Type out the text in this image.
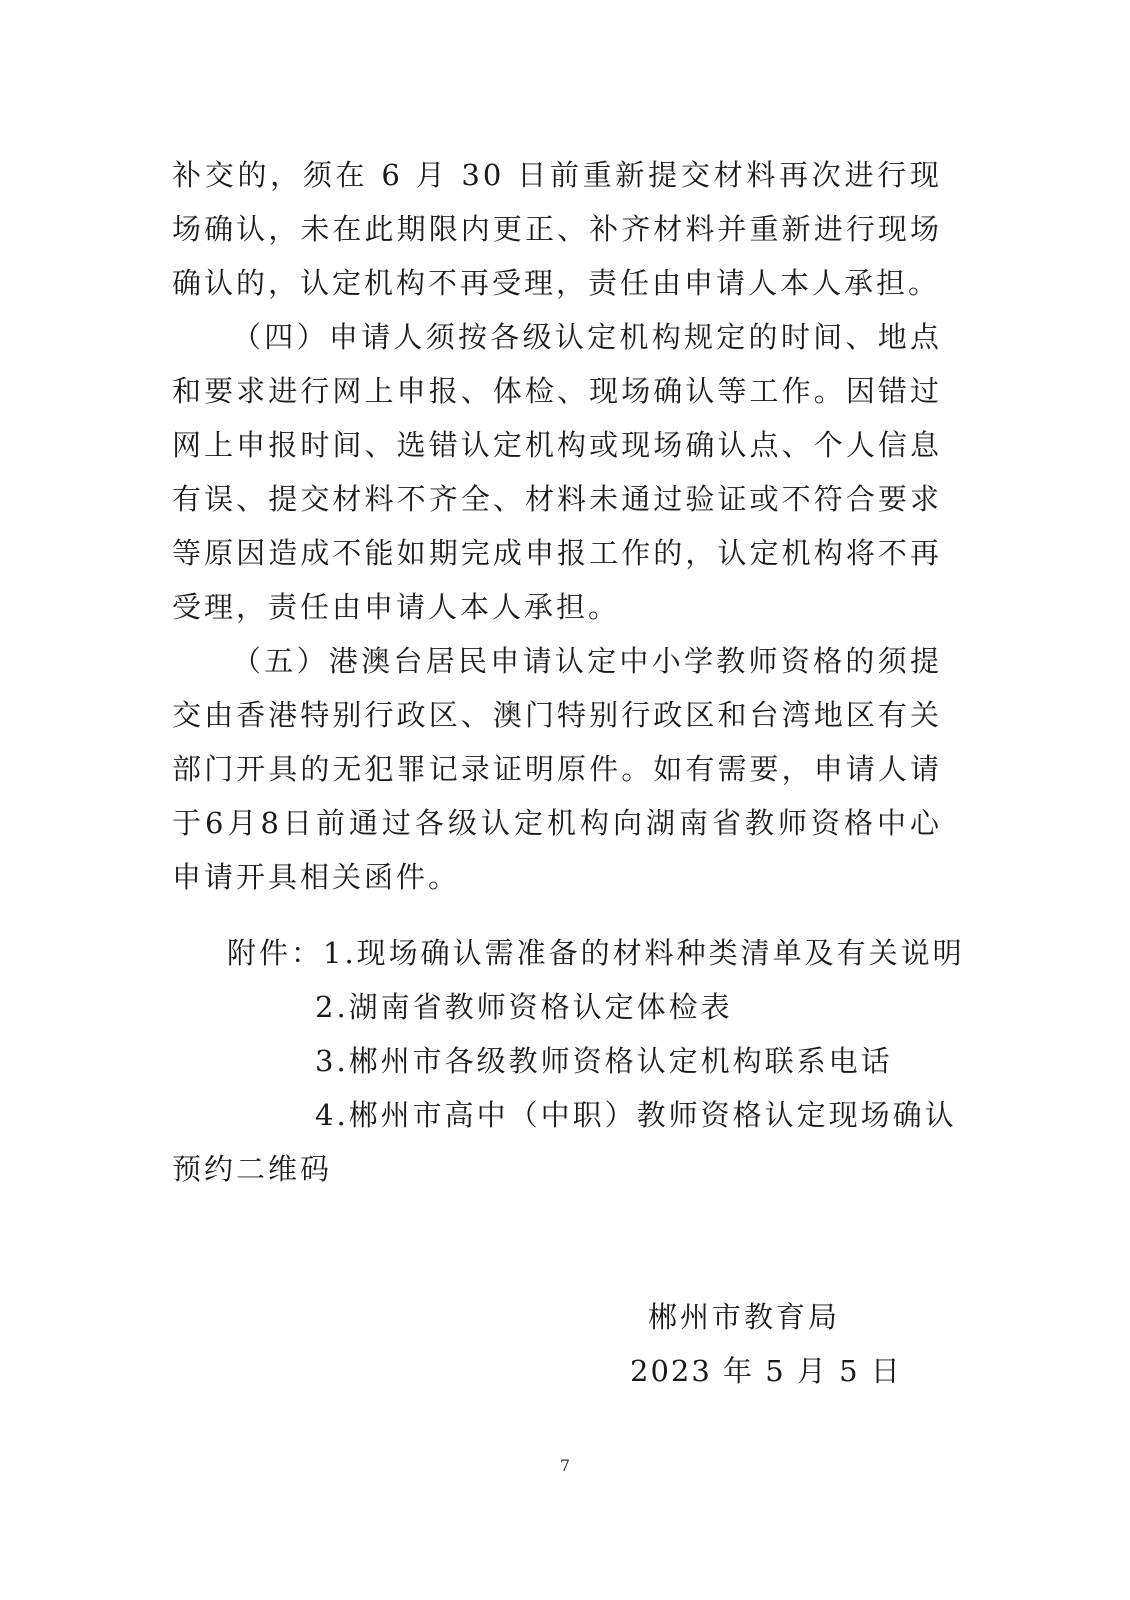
补交的，须在 6 月 30 日前重新提交材料再次进行现场确认，未在此期限内更正、补齐材料并重新进行现场确认的，认定机构不再受理，责任由申请人本人承担。

（四）申请人须按各级认定机构规定的时间、地点和要求进行网上申报、体检、现场确认等工作。因错过网上申报时间、选错认定机构或现场确认点、个人信息有误、提交材料不齐全、材料未通过验证或不符合要求等原因造成不能如期完成申报工作的，认定机构将不再受理，责任由申请人本人承担。

（五）港澳台居民申请认定中小学教师资格的须提交由香港特别行政区、澳门特别行政区和台湾地区有关部门开具的无犯罪记录证明原件。如有需要，申请人请于6月8日前通过各级认定机构向湖南省教师资格中心申请开具相关函件。

附件：1.现场确认需准备的材料种类清单及有关说明
2.湖南省教师资格认定体检表
3.郴州市各级教师资格认定机构联系电话
4.郴州市高中（中职）教师资格认定现场确认
预约二维码
郴州市教育局
2023 年 5 月 5 日
7
